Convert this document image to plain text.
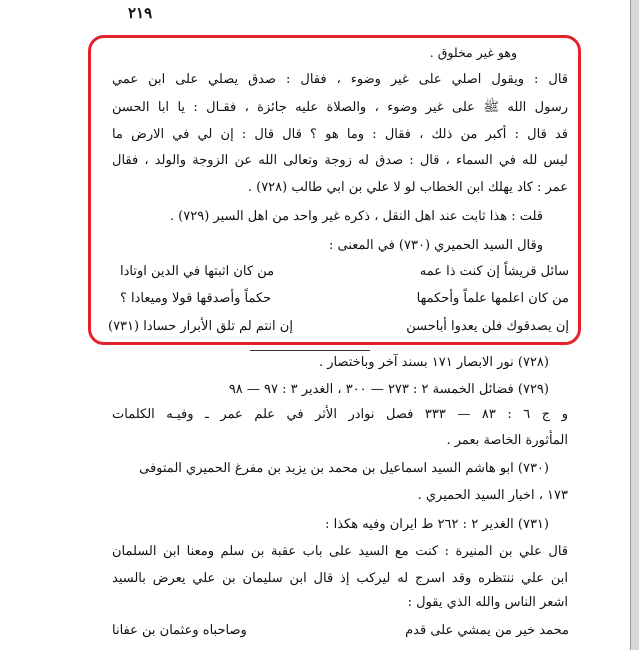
٢١٩
وهو غير مخلوق .
قال : ويقول اصلي على غير وضوء ، فقال : صدق يصلي على ابن عمي
رسول الله ﷺ على غير وضوء ، والصلاة عليه جائزة ، فقـال : يا ابا الحسن
قد قال : أكبر من ذلك ، فقال : وما هو ؟ قال قال : إن لي في الارض ما
ليس لله في السماء ، قال : صدق له زوجة وتعالى الله عن الزوجة والولد ، فقال
عمر : كاد يهلك ابن الخطاب لو لا علي بن ابي طالب (٧٢٨) .
قلت : هذا ثابت عند اهل النقل ، ذكره غير واحد من اهل السير (٧٢٩) .
وقال السيد الحميري (٧٣٠) في المعنى :
سائل قريشاً إن كنت ذا عمه
من كان اثبتها في الدين اوتادا
من كان اعلمها علماً وأحكمها
حكماً وأصدقها قولا وميعادا ؟
إن يصدقوك فلن يعدوا أباحسن
إن انتم لم تلق الأبرار حسادا (٧٣١)
(٧٢٨) نور الابصار ١٧١ بسند آخر وباختصار .
(٧٢٩) فضائل الخمسة ٢ : ٢٧٣ — ٣٠٠ ، الغدير ٣ : ٩٧ — ٩٨
و ج ٦ : ٨٣ — ٣٣٣ فصل نوادر الأثر في علم عمر ـ وفيـه الكلمات
المأثورة الخاصة بعمر .
(٧٣٠) ابو هاشم السيد اسماعيل بن محمد بن يزيد بن مفرغ الحميري المتوفى
١٧٣ ، اخبار السيد الحميري .
(٧٣١) الغدير ٢ : ٢٦٢ ط ايران وفيه هكذا :
قال علي بن المنيرة : كنت مع السيد على باب عقبة بن سلم ومعنا ابن السلمان
ابن علي ننتظره وقد اسرج له ليركب إذ قال ابن سليمان بن علي يعرض بالسيد
اشعر الناس والله الذي يقول :
محمد خير من يمشي على قدم
وصاحباه وعثمان بن عفانا
